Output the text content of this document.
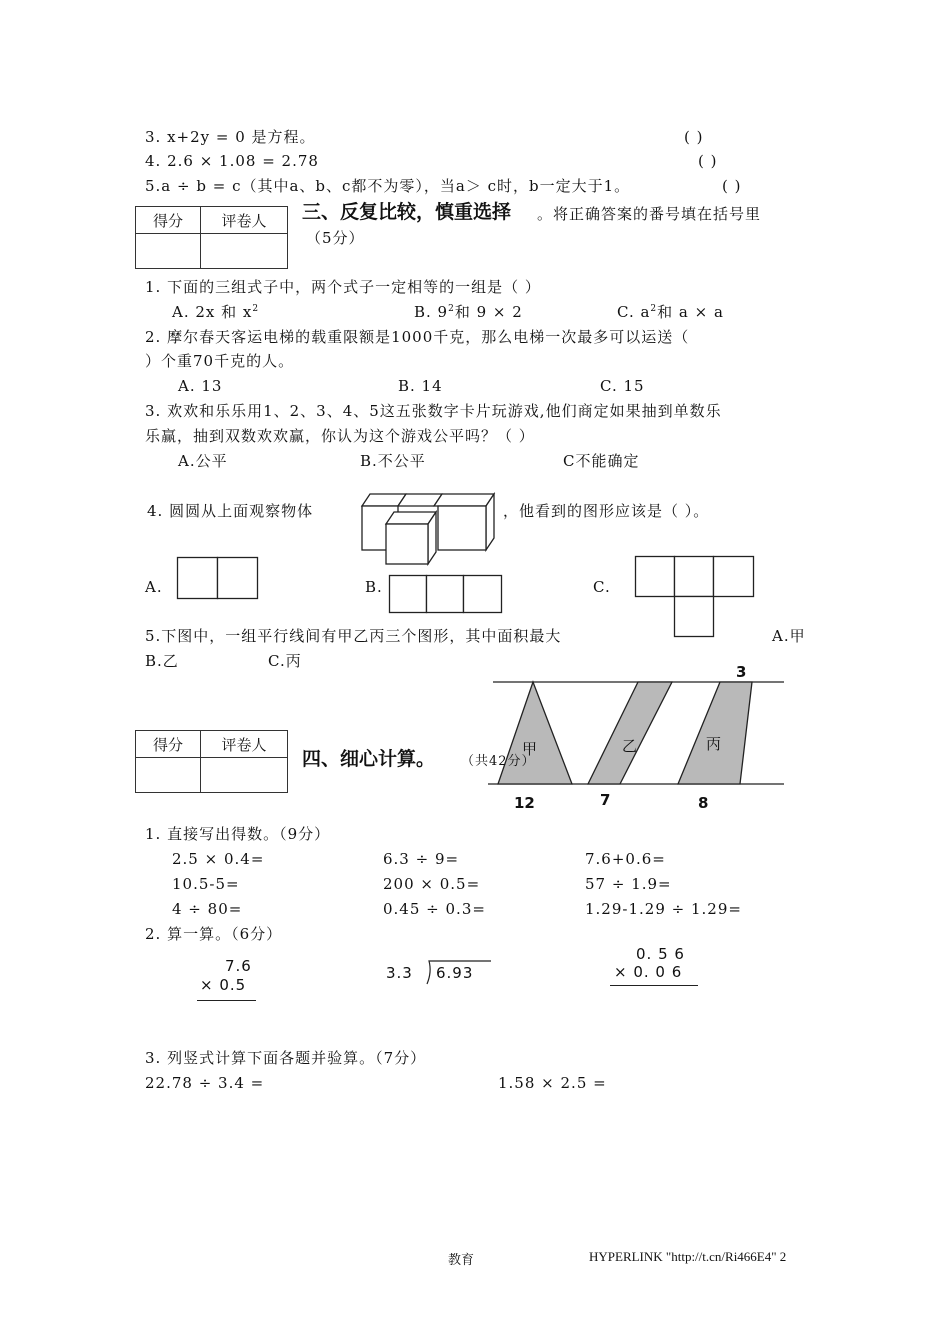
3. x+2y = 0 是方程。	( )
4. 2.6 × 1.08 = 2.78	( )
5.a ÷ b = c（其中a、b、c都不为零），当a＞ c时，b一定大于1。	( )
得分	评卷人
	三、反复比较，慎重选择 。将正确答案的番号填在括号里
（5分）
1. 下面的三组式子中，两个式子一定相等的一组是（ ）
A. 2x 和 $x^2$	B. $9^2$和 9 × 2	C. $a^2$和 a × a
2. 摩尔春天客运电梯的载重限额是1000千克，那么电梯一次最多可以运送（
）个重70千克的人。
A. 13	B. 14	C. 15
3. 欢欢和乐乐用1、2、3、4、5这五张数字卡片玩游戏,他们商定如果抽到单数乐
乐赢，抽到双数欢欢赢，你认为这个游戏公平吗？（ ）
A.公平	B.不公平	C不能确定
4. 圆圆从上面观察物体	，他看到的图形应该是（ ）。
A.	B.	C.
5.下图中，一组平行线间有甲乙丙三个图形，其中面积最大	A.甲
B.乙	C.丙
甲	乙	丙
3
12	7	8
得分	评卷人

四、细心计算。 （共42分）
1. 直接写出得数。（9分）
2.5 × 0.4=	6.3 ÷ 9=	7.6+0.6=
10.5-5=	200 × 0.5=	57 ÷ 1.9=
4 ÷ 80=	0.45 ÷ 0.3=	1.29-1.29 ÷ 1.29=
2. 算一算。（6分）
7.6
× 0.5
3.3 6.93
0. 5 6
× 0. 0 6
3. 列竖式计算下面各题并验算。（7分）
22.78 ÷ 3.4 =	1.58 × 2.5 =
教育	HYPERLINK "http://t.cn/Ri466E4" 2
